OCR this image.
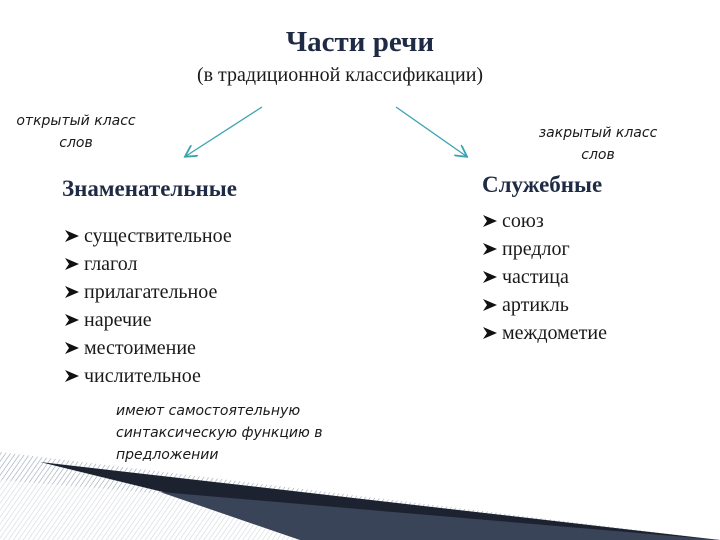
Части речи
(в традиционной классификации)
открытый класс
слов
закрытый класс
слов
Знаменательные	Служебные
существительное
глагол
прилагательное
наречие
местоимение
числительное
союз
предлог
частица
артикль
междометие
имеют самостоятельную
синтаксическую функцию в
предложении
